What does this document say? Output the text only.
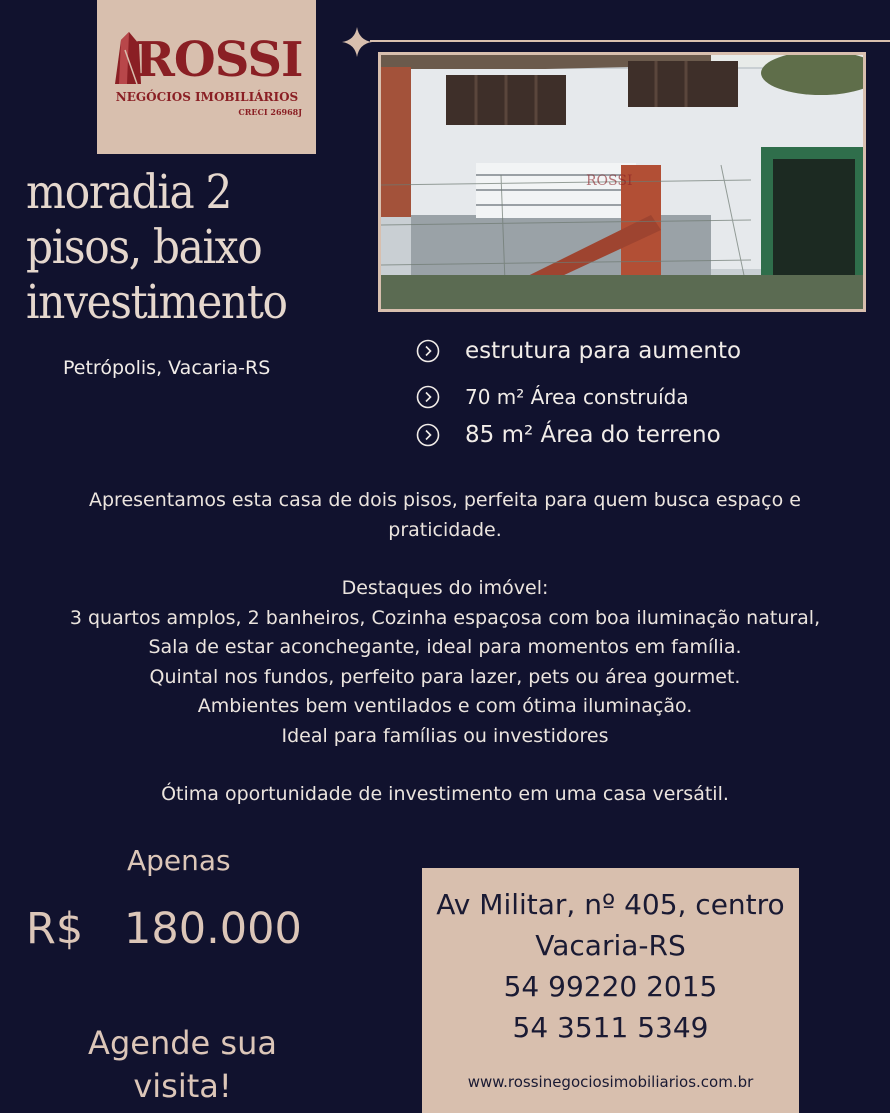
ROSSI
NEGÓCIOS IMOBILIÁRIOS
CRECI 26968J
ROSSI
moradia 2
pisos, baixo
investimento
Petrópolis, Vacaria-RS
estrutura para aumento
70 m² Área construída
85 m² Área do terreno

Apresentamos esta casa de dois pisos, perfeita para quem busca espaço e

praticidade.

Destaques do imóvel:

3 quartos amplos, 2 banheiros, Cozinha espaçosa com boa iluminação natural,

Sala de estar aconchegante, ideal para momentos em família.

Quintal nos fundos, perfeito para lazer, pets ou área gourmet.

Ambientes bem ventilados e com ótima iluminação.

Ideal para famílias ou investidores

Ótima oportunidade de investimento em uma casa versátil.

Apenas
R$ 180.000
Agende sua
visita!
Av Militar, nº 405, centro
Vacaria-RS
54 99220 2015
54 3511 5349
www.rossinegociosimobiliarios.com.br
